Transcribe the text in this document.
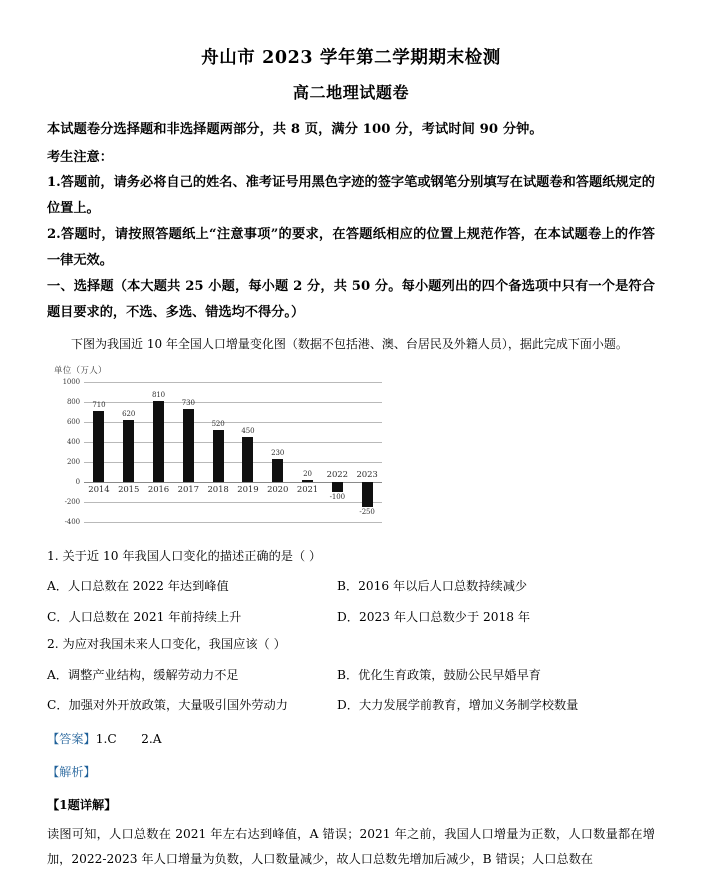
舟山市 2023 学年第二学期期末检测
高二地理试题卷
本试题卷分选择题和非选择题两部分，共 8 页，满分 100 分，考试时间 90 分钟。
考生注意：
1.答题前，请务必将自己的姓名、准考证号用黑色字迹的签字笔或钢笔分别填写在试题卷和答题纸规定的位置上。
2.答题时，请按照答题纸上“注意事项”的要求，在答题纸相应的位置上规范作答，在本试题卷上的作答一律无效。
一、选择题（本大题共 25 小题，每小题 2 分，共 50 分。每小题列出的四个备选项中只有一个是符合题目要求的，不选、多选、错选均不得分。）
下图为我国近 10 年全国人口增量变化图（数据不包括港、澳、台居民及外籍人员），据此完成下面小题。
单位（万人）
1000
800
600
400
200
0
-200
-400
710
2014
620
2015
810
2016
730
2017
520
2018
450
2019
230
2020
20
2021
-100
2022
-250
2023
1. 关于近 10 年我国人口变化的描述正确的是（ ）
A．人口总数在 2022 年达到峰值	B．2016 年以后人口总数持续减少
C．人口总数在 2021 年前持续上升	D．2023 年人口总数少于 2018 年
2. 为应对我国未来人口变化，我国应该（ ）
A．调整产业结构，缓解劳动力不足	B．优化生育政策，鼓励公民早婚早育
C．加强对外开放政策，大量吸引国外劳动力	D．大力发展学前教育，增加义务制学校数量
【答案】1.C　　2.A
【解析】
【1题详解】
读图可知，人口总数在 2021 年左右达到峰值，A 错误；2021 年之前，我国人口增量为正数，人口数量都在增加，2022-2023 年人口增量为负数，人口数量减少，故人口总数先增加后减少，B 错误；人口总数在
